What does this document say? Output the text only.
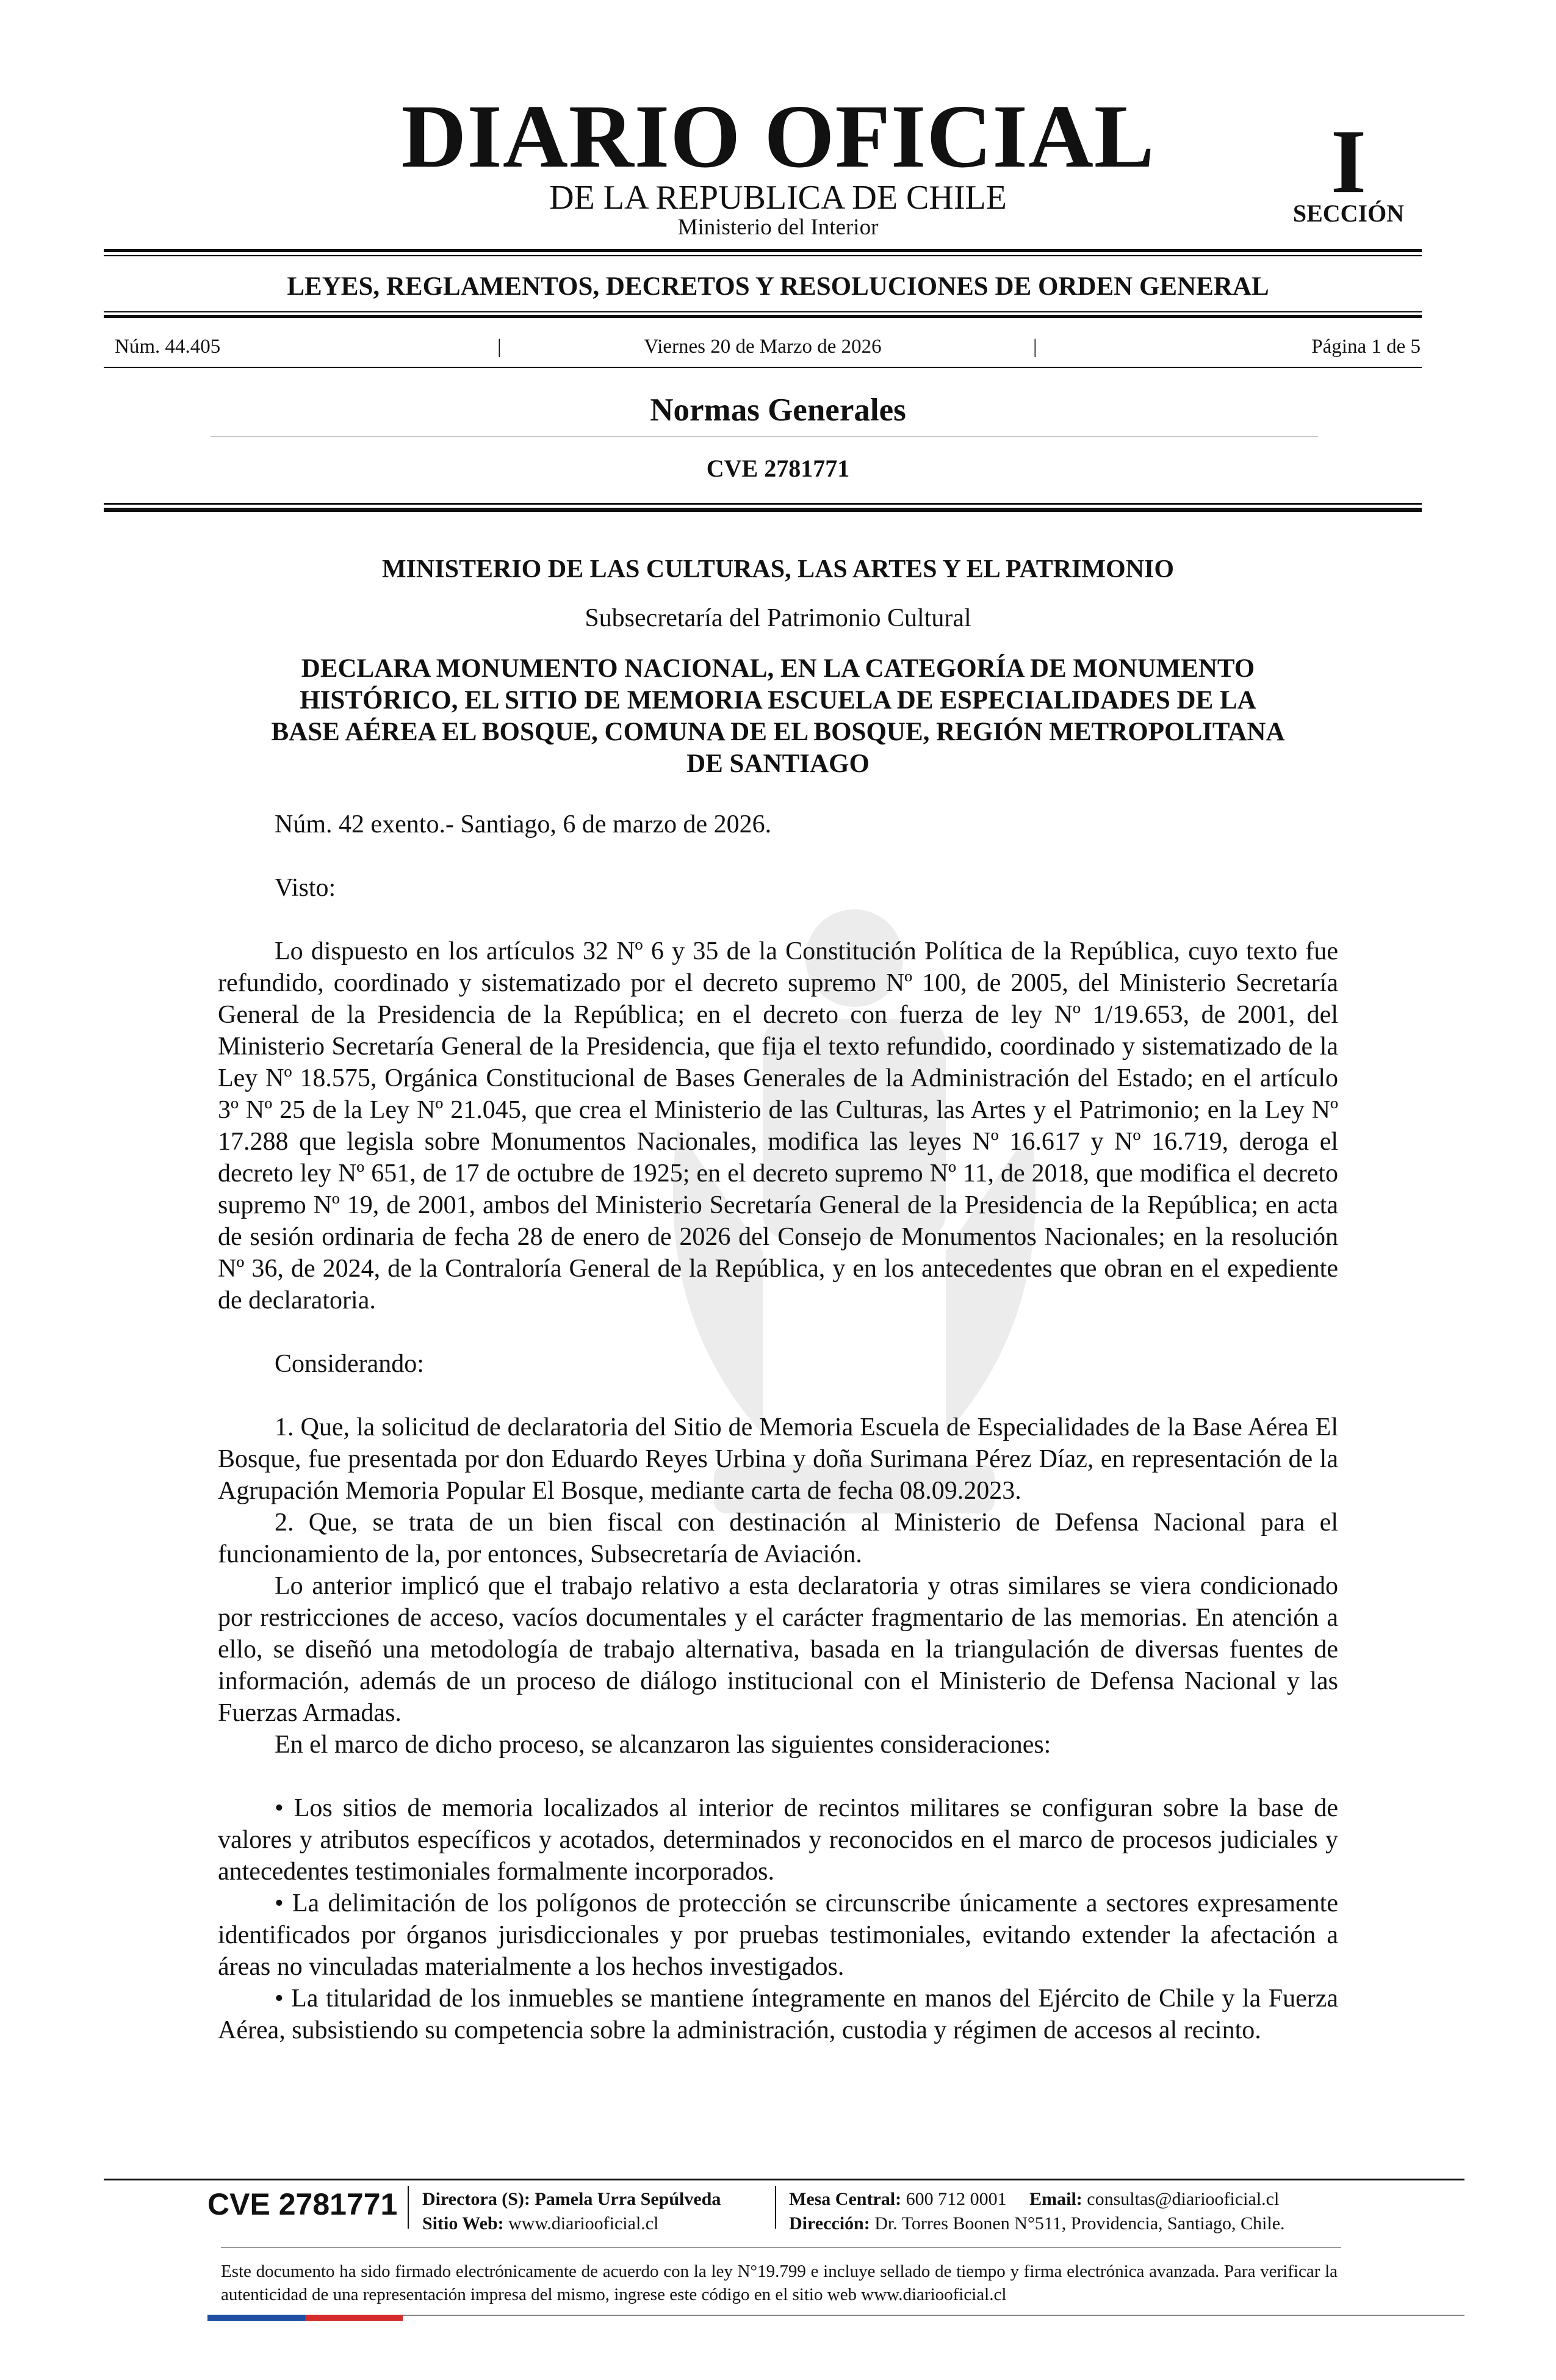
DIARIO OFICIAL
DE LA REPUBLICA DE CHILE
Ministerio del Interior
I
SECCIÓN
LEYES, REGLAMENTOS, DECRETOS Y RESOLUCIONES DE ORDEN GENERAL
Núm. 44.405	|	Viernes 20 de Marzo de 2026	|	Página 1 de 5
Normas Generales
CVE 2781771
MINISTERIO DE LAS CULTURAS, LAS ARTES Y EL PATRIMONIO
Subsecretaría del Patrimonio Cultural
DECLARA MONUMENTO NACIONAL, EN LA CATEGORÍA DE MONUMENTO
HISTÓRICO, EL SITIO DE MEMORIA ESCUELA DE ESPECIALIDADES DE LA
BASE AÉREA EL BOSQUE, COMUNA DE EL BOSQUE, REGIÓN METROPOLITANA
DE SANTIAGO
Núm. 42 exento.- Santiago, 6 de marzo de 2026.
Visto:

Lo dispuesto en los artículos 32 Nº 6 y 35 de la Constitución Política de la República, cuyo texto fue refundido, coordinado y sistematizado por el decreto supremo Nº 100, de 2005, del Ministerio Secretaría General de la Presidencia de la República; en el decreto con fuerza de ley Nº 1/19.653, de 2001, del Ministerio Secretaría General de la Presidencia, que fija el texto refundido, coordinado y sistematizado de la Ley Nº 18.575, Orgánica Constitucional de Bases Generales de la Administración del Estado; en el artículo 3º Nº 25 de la Ley Nº 21.045, que crea el Ministerio de las Culturas, las Artes y el Patrimonio; en la Ley Nº 17.288 que legisla sobre Monumentos Nacionales, modifica las leyes Nº 16.617 y Nº 16.719, deroga el decreto ley Nº 651, de 17 de octubre de 1925; en el decreto supremo Nº 11, de 2018, que modifica el decreto supremo Nº 19, de 2001, ambos del Ministerio Secretaría General de la Presidencia de la República; en acta de sesión ordinaria de fecha 28 de enero de 2026 del Consejo de Monumentos Nacionales; en la resolución Nº 36, de 2024, de la Contraloría General de la República, y en los antecedentes que obran en el expediente de declaratoria.

Considerando:

1. Que, la solicitud de declaratoria del Sitio de Memoria Escuela de Especialidades de la Base Aérea El Bosque, fue presentada por don Eduardo Reyes Urbina y doña Surimana Pérez Díaz, en representación de la Agrupación Memoria Popular El Bosque, mediante carta de fecha 08.09.2023.

2. Que, se trata de un bien fiscal con destinación al Ministerio de Defensa Nacional para el funcionamiento de la, por entonces, Subsecretaría de Aviación.

Lo anterior implicó que el trabajo relativo a esta declaratoria y otras similares se viera condicionado por restricciones de acceso, vacíos documentales y el carácter fragmentario de las memorias. En atención a ello, se diseñó una metodología de trabajo alternativa, basada en la triangulación de diversas fuentes de información, además de un proceso de diálogo institucional con el Ministerio de Defensa Nacional y las Fuerzas Armadas.

En el marco de dicho proceso, se alcanzaron las siguientes consideraciones:

• Los sitios de memoria localizados al interior de recintos militares se configuran sobre la base de valores y atributos específicos y acotados, determinados y reconocidos en el marco de procesos judiciales y antecedentes testimoniales formalmente incorporados.

• La delimitación de los polígonos de protección se circunscribe únicamente a sectores expresamente identificados por órganos jurisdiccionales y por pruebas testimoniales, evitando extender la afectación a áreas no vinculadas materialmente a los hechos investigados.

• La titularidad de los inmuebles se mantiene íntegramente en manos del Ejército de Chile y la Fuerza Aérea, subsistiendo su competencia sobre la administración, custodia y régimen de accesos al recinto.

CVE 2781771 Directora (S): Pamela Urra Sepúlveda
Sitio Web: www.diariooficial.cl
Mesa Central: 600 712 0001 Email: consultas@diariooficial.cl
Dirección: Dr. Torres Boonen N°511, Providencia, Santiago, Chile.
Este documento ha sido firmado electrónicamente de acuerdo con la ley N°19.799 e incluye sellado de tiempo y firma electrónica avanzada. Para verificar la autenticidad de una representación impresa del mismo, ingrese este código en el sitio web www.diariooficial.cl
